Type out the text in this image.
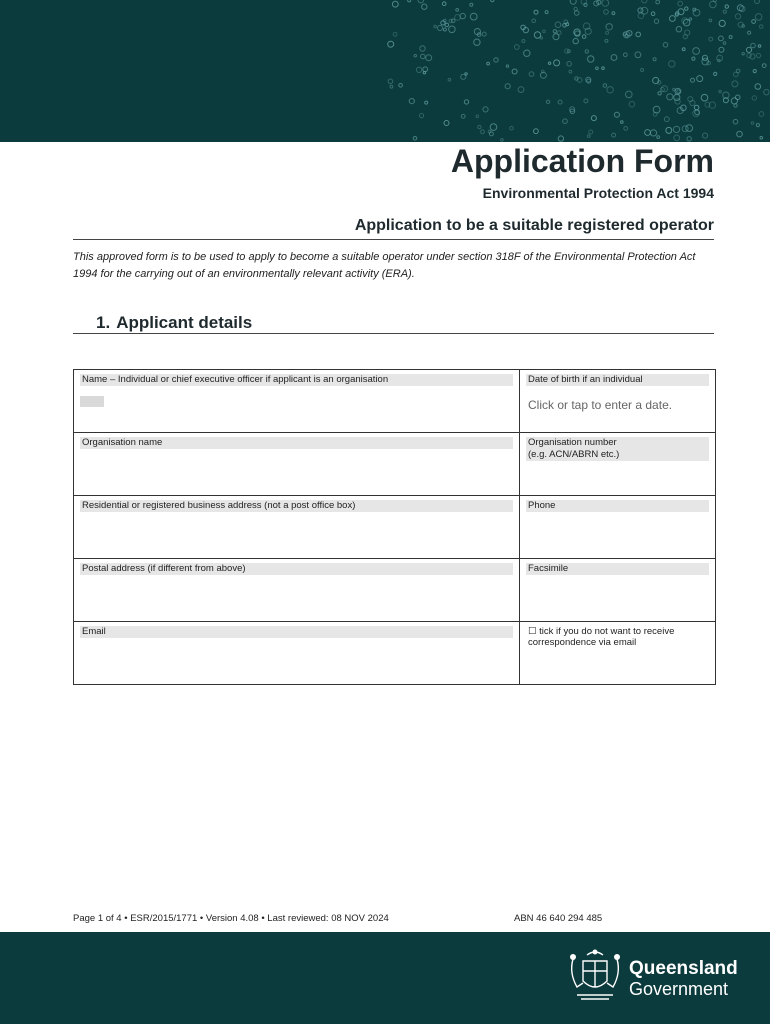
Application Form
Environmental Protection Act 1994
Application to be a suitable registered operator
This approved form is to be used to apply to become a suitable operator under section 318F of the Environmental Protection Act 1994 for the carrying out of an environmentally relevant activity (ERA).
1. Applicant details
Name – Individual or chief executive officer if applicant is an organisation	Date of birth if an individual
Click or tap to enter a date.

Organisation name	Organisation number
(e.g. ACN/ABRN etc.)

Residential or registered business address (not a post office box)	Phone

Postal address (if different from above)	Facsimile

Email	☐ tick if you do not want to receive correspondence via email
Page 1 of 4 • ESR/2015/1771 • Version 4.08 • Last reviewed: 08 NOV 2024	ABN 46 640 294 485
Queensland
Government
